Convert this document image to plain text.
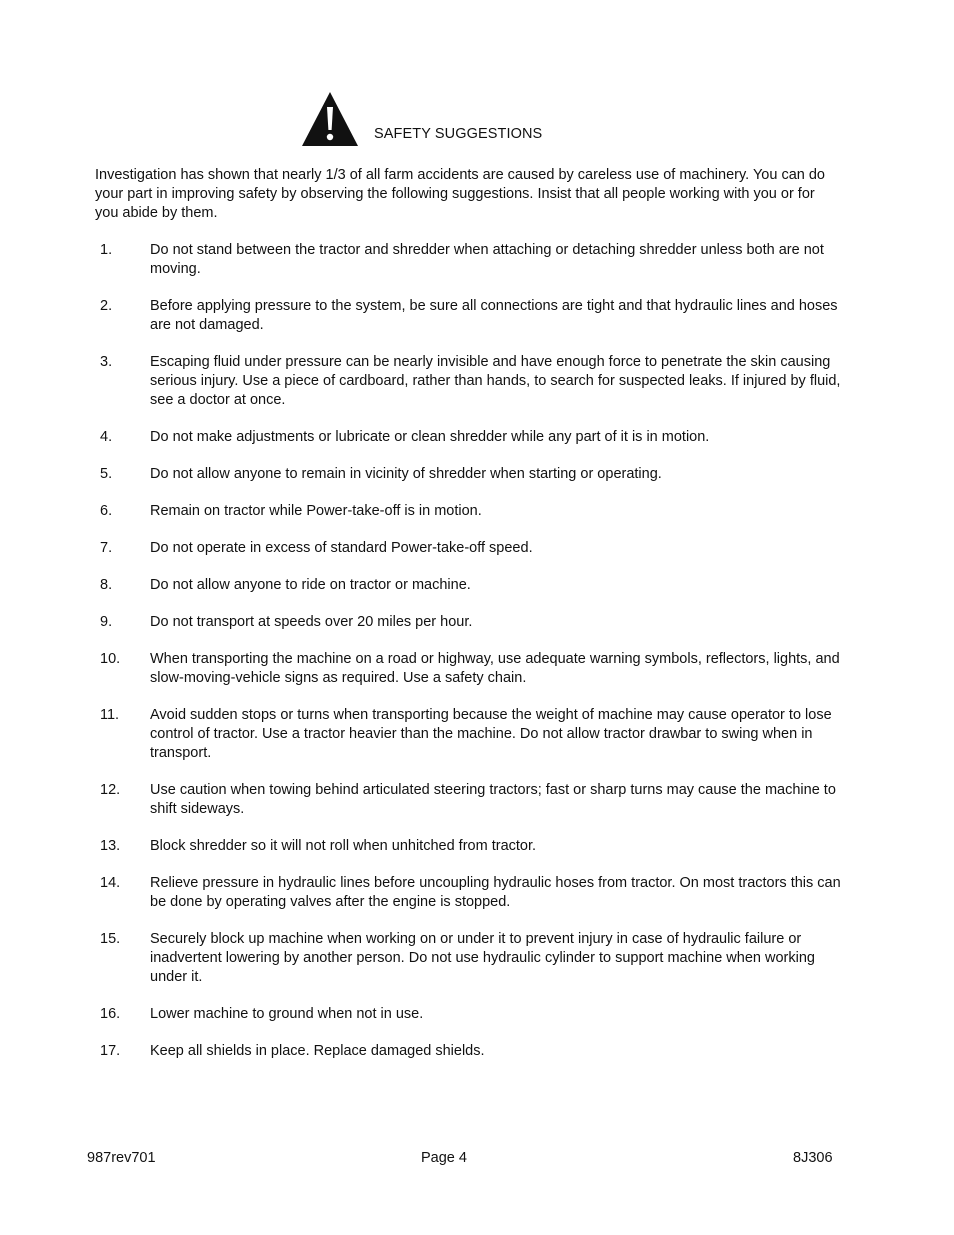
SAFETY SUGGESTIONS
Investigation has shown that nearly 1/3 of all farm accidents are caused by careless use of machinery. You can do your part in improving safety by observing the following suggestions. Insist that all people working with you or for you abide by them.
1.	Do not stand between the tractor and shredder when attaching or detaching shredder unless both are not moving.
2.	Before applying pressure to the system, be sure all connections are tight and that hydraulic lines and hoses are not damaged.
3.	Escaping fluid under pressure can be nearly invisible and have enough force to penetrate the skin causing serious injury. Use a piece of cardboard, rather than hands, to search for suspected leaks. If injured by fluid, see a doctor at once.
4.	Do not make adjustments or lubricate or clean shredder while any part of it is in motion.
5.	Do not allow anyone to remain in vicinity of shredder when starting or operating.
6.	Remain on tractor while Power-take-off is in motion.
7.	Do not operate in excess of standard Power-take-off speed.
8.	Do not allow anyone to ride on tractor or machine.
9.	Do not transport at speeds over 20 miles per hour.
10.	When transporting the machine on a road or highway, use adequate warning symbols, reflectors, lights, and slow-moving-vehicle signs as required. Use a safety chain.
11.	Avoid sudden stops or turns when transporting because the weight of machine may cause operator to lose control of tractor. Use a tractor heavier than the machine. Do not allow tractor drawbar to swing when in transport.
12.	Use caution when towing behind articulated steering tractors; fast or sharp turns may cause the machine to shift sideways.
13.	Block shredder so it will not roll when unhitched from tractor.
14.	Relieve pressure in hydraulic lines before uncoupling hydraulic hoses from tractor. On most tractors this can be done by operating valves after the engine is stopped.
15.	Securely block up machine when working on or under it to prevent injury in case of hydraulic failure or inadvertent lowering by another person. Do not use hydraulic cylinder to support machine when working under it.
16.	Lower machine to ground when not in use.
17.	Keep all shields in place. Replace damaged shields.
987rev701	Page 4	8J306
